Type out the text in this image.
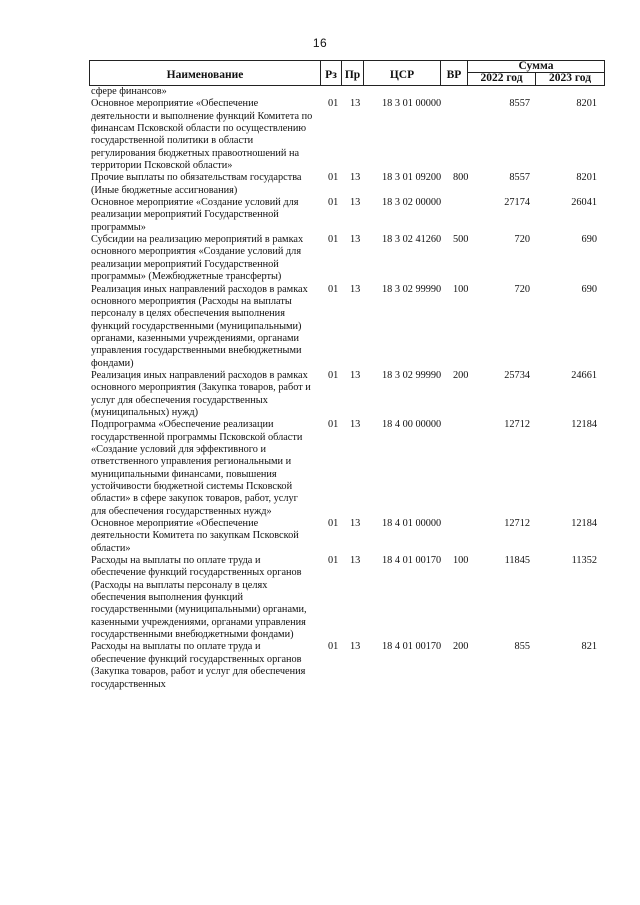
16
Наименование	Рз Пр	ЦСР	ВР
Сумма
2022 год	2023 год
сфере финансов»
Основное мероприятие «Обеспечение деятельности и выполнение функций Комитета по финансам Псковской области по осуществлению государственной политики в области регулирования бюджетных правоотношений на территории Псковской области»
01 13 18 3 01 00000	8557	8201
Прочие выплаты по обязательствам государства (Иные бюджетные ассигнования)
01 13 18 3 01 09200 800	8557	8201
Основное мероприятие «Создание условий для реализации мероприятий Государственной программы»
01 13 18 3 02 00000	27174	26041
Субсидии на реализацию мероприятий в рамках основного мероприятия «Создание условий для реализации мероприятий Государственной программы» (Межбюджетные трансферты)
01 13 18 3 02 41260 500	720	690
Реализация иных направлений расходов в рамках основного мероприятия (Расходы на выплаты персоналу в целях обеспечения выполнения функций государственными (муниципальными) органами, казенными учреждениями, органами управления государственными внебюджетными фондами)
01 13 18 3 02 99990 100	720	690
Реализация иных направлений расходов в рамках основного мероприятия (Закупка товаров, работ и услуг для обеспечения государственных (муниципальных) нужд)
01 13 18 3 02 99990 200	25734	24661
Подпрограмма «Обеспечение реализации государственной программы Псковской области «Создание условий для эффективного и ответственного управления региональными и муниципальными финансами, повышения устойчивости бюджетной системы Псковской области» в сфере закупок товаров, работ, услуг для обеспечения государственных нужд»
01 13 18 4 00 00000	12712	12184
Основное мероприятие «Обеспечение деятельности Комитета по закупкам Псковской области»
01 13 18 4 01 00000	12712	12184
Расходы на выплаты по оплате труда и обеспечение функций государственных органов (Расходы на выплаты персоналу в целях обеспечения выполнения функций государственными (муниципальными) органами, казенными учреждениями, органами управления государственными внебюджетными фондами)
01 13 18 4 01 00170 100	11845	11352
Расходы на выплаты по оплате труда и обеспечение функций государственных органов (Закупка товаров, работ и услуг для обеспечения государственных
01 13 18 4 01 00170 200	855	821
